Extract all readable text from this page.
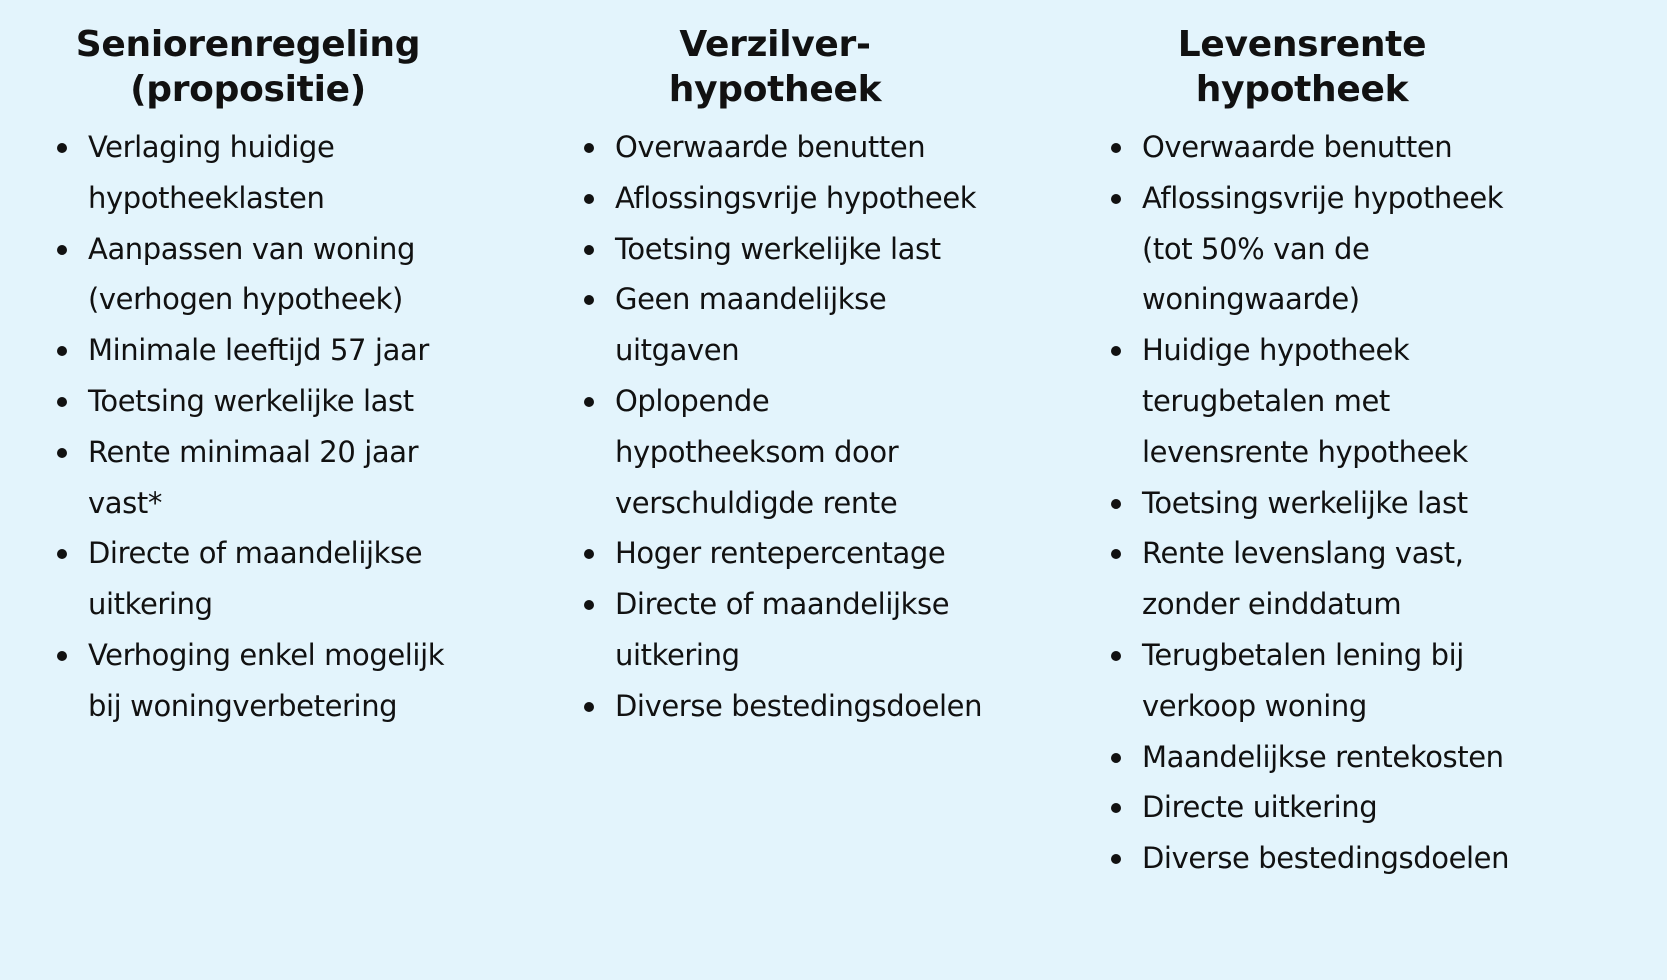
Seniorenregeling
(propositie)
Verlaging huidige
hypotheeklasten
Aanpassen van woning
(verhogen hypotheek)
Minimale leeftijd 57 jaar
Toetsing werkelijke last
Rente minimaal 20 jaar
vast*
Directe of maandelijkse
uitkering
Verhoging enkel mogelijk
bij woningverbetering
Verzilver-
hypotheek
Overwaarde benutten
Aflossingsvrije hypotheek
Toetsing werkelijke last
Geen maandelijkse
uitgaven
Oplopende
hypotheeksom door
verschuldigde rente
Hoger rentepercentage
Directe of maandelijkse
uitkering
Diverse bestedingsdoelen
Levensrente
hypotheek
Overwaarde benutten
Aflossingsvrije hypotheek
(tot 50% van de
woningwaarde)
Huidige hypotheek
terugbetalen met
levensrente hypotheek
Toetsing werkelijke last
Rente levenslang vast,
zonder einddatum
Terugbetalen lening bij
verkoop woning
Maandelijkse rentekosten
Directe uitkering
Diverse bestedingsdoelen
